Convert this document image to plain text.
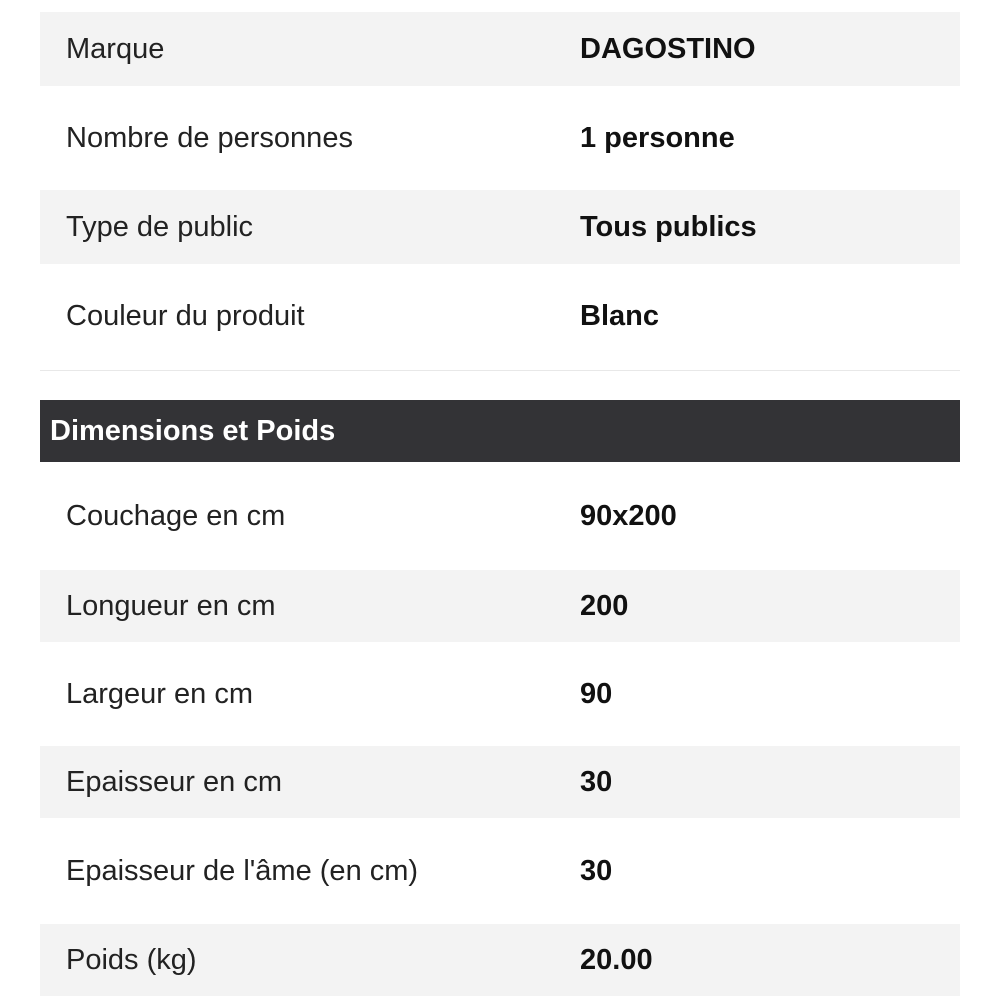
Marque	DAGOSTINO
Nombre de personnes	1 personne
Type de public	Tous publics
Couleur du produit	Blanc
Dimensions et Poids
Couchage en cm	90x200
Longueur en cm	200
Largeur en cm	90
Epaisseur en cm	30
Epaisseur de l'âme (en cm)	30
Poids (kg)	20.00
